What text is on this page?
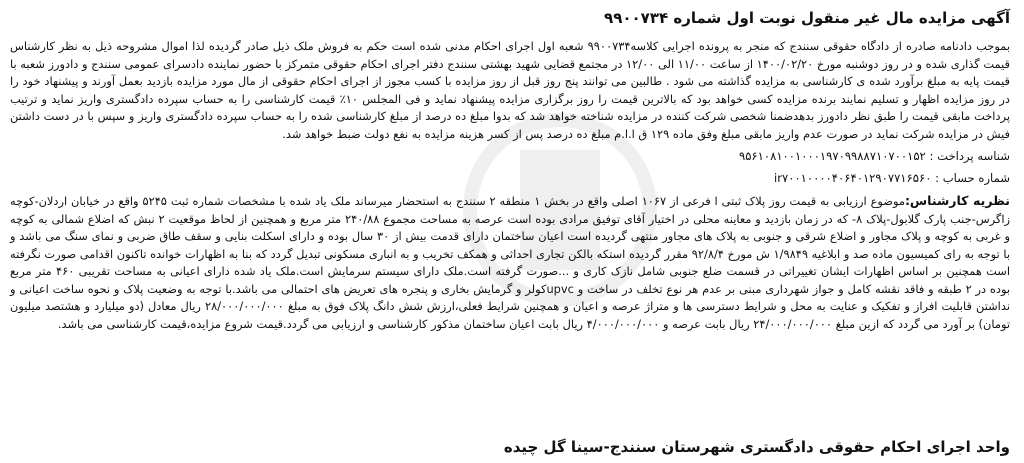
آگهی مزایده مال غیر منقول نوبت اول شماره ۹۹۰۰۷۳۴

بموجب دادنامه صادره از دادگاه حقوقی سنندج که منجر به پرونده اجرایی کلاسه۹۹۰۰۷۳۴ شعبه اول اجرای احکام مدنی شده است حکم به فروش ملک ذیل صادر گردیده لذا اموال مشروحه ذیل به نظر کارشناس قیمت گذاری شده و در روز دوشنبه مورخ ۱۴۰۰/۰۲/۲۰ از ساعت ۱۱/۰۰ الی ۱۲/۰۰ در مجتمع قضایی شهید بهشتی سنندج دفتر اجرای احکام حقوقی متمرکز با حضور نماینده دادسرای عمومی سنندج و دادورز شعبه با قیمت پایه به مبلغ برآورد شده ی کارشناسی به مزایده گذاشته می شود . طالبین می توانند پنج روز قبل از روز مزایده با کسب مجوز از اجرای احکام حقوقی از مال مورد مزایده بازدید بعمل آورند و پیشنهاد خود را در روز مزایده اظهار و تسلیم نمایند برنده مزایده کسی خواهد بود که بالاترین قیمت را روز برگزاری مزایده پیشنهاد نماید و فی المجلس ۱۰٪ قیمت کارشناسی را به حساب سپرده دادگستری واریز نماید و ترتیب پرداخت مابقی قیمت را طبق نظر دادورز بدهدضمنا شخصی شرکت کننده در مزایده شناخته خواهد شد که بدوا مبلغ ده درصد از مبلغ کارشناسی شده را به حساب سپرده دادگستری واریز و سپس با در دست داشتن فیش در مزایده شرکت نماید در صورت عدم واریز مابقی مبلغ وفق ماده ۱۲۹ ق ا.ا.م مبلغ ده درصد پس از کسر هزینه مزایده به نفع دولت ضبط خواهد شد.

شناسه پرداخت : ۹۵۶۱۰۸۱۰۰۱۰۰۰۱۹۷۰۹۹۸۸۷۱۰۷۰۰۱۵۲

شماره حساب : ir۷۰۰۱۰۰۰۰۴۰۶۴۰۱۲۹۰۷۷۱۶۵۶۰

نظریه کارشناس:موضوع ارزیابی به قیمت روز پلاک ثبتی ا فرعی از ۱۰۶۷ اصلی واقع در بخش ۱ منطقه ۲ سنندج به استحضار میرساند ملک یاد شده با مشخصات شماره ثبت ۵۲۴۵ واقع در خیابان اردلان-کوچه زاگرس-جنب پارک گلابول-پلاک ۸- که در زمان بازدید و معاینه محلی در اختیار آقای توفیق مرادی بوده است عرصه به مساحت مجموع ۲۴۰/۸۸ متر مربع و همچنین از لحاظ موقعیت ۲ نبش که اضلاع شمالی به کوچه و غربی به کوچه و پلاک مجاور و اضلاع شرقی و جنوبی به پلاک های مجاور منتهی گردیده است اعیان ساختمان دارای قدمت بیش از ۳۰ سال بوده و دارای اسکلت بنایی و سقف طاق ضربی و نمای سنگ می باشد و با توجه به رای کمیسیون ماده صد و ابلاغیه ۱/۹۸۴۹ ش مورخ ۹۲/۸/۴ مقرر گردیده استکه بالکن تجاری احداثی و همکف تخریب و به انباری مسکونی تبدیل گردد که بنا به اظهارات خوانده تاکنون اقدامی صورت نگرفته است همچنین بر اساس اظهارات ایشان تغییراتی در قسمت ضلع جنوبی شامل نازک کاری و ...صورت گرفته است.ملک دارای سیستم سرمایش است.ملک یاد شده دارای اعیانی به مساحت تقریبی ۴۶۰ متر مربع بوده در ۲ طبقه و فاقد نقشه کامل و جواز شهرداری مبنی بر عدم هر نوع تخلف در ساخت و upvcکولر و گرمایش بخاری و پنجره های تعریض های احتمالی می باشد.با توجه به وضعیت پلاک و نحوه ساخت اعیانی و نداشتن قابلیت افراز و تفکیک و عنایت به محل و شرایط دسترسی ها و متراژ عرصه و اعیان و همچنین شرایط فعلی،ارزش شش دانگ پلاک فوق به مبلغ ۲۸/۰۰۰/۰۰۰/۰۰۰ ریال معادل (دو میلیارد و هشتصد میلیون تومان) بر آورد می گردد که ازین مبلغ ۲۴/۰۰۰/۰۰۰/۰۰۰ ریال بابت عرصه و ۴/۰۰۰/۰۰۰/۰۰۰ ریال بابت اعیان ساختمان مذکور کارشناسی و ارزیابی می گردد.قیمت شروع مزایده،قیمت کارشناسی می باشد.

واحد اجرای احکام حقوقی دادگستری شهرستان سنندج-سینا گل چیده
